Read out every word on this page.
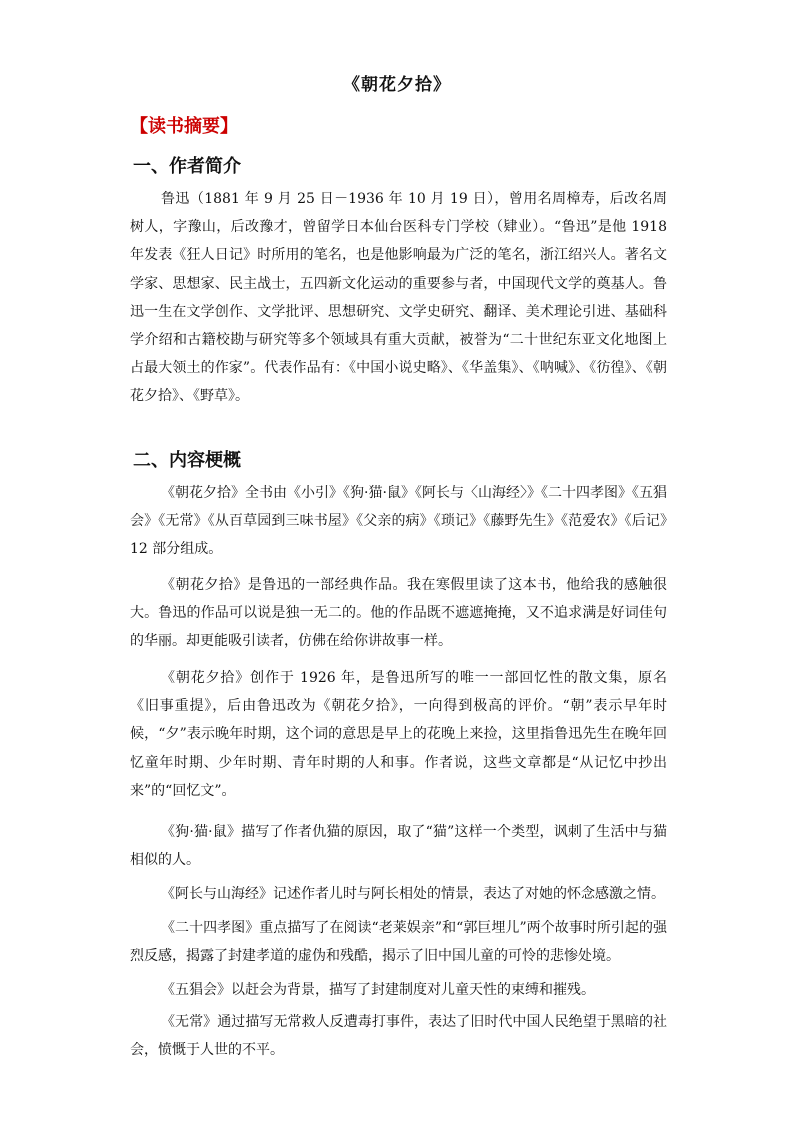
《朝花夕拾》
【读书摘要】
一、作者简介

鲁迅（1881 年 9 月 25 日－1936 年 10 月 19 日），曾用名周樟寿，后改名周树人，字豫山，后改豫才，曾留学日本仙台医科专门学校（肄业）。“鲁迅”是他 1918 年发表《狂人日记》时所用的笔名，也是他影响最为广泛的笔名，浙江绍兴人。著名文学家、思想家、民主战士，五四新文化运动的重要参与者，中国现代文学的奠基人。鲁迅一生在文学创作、文学批评、思想研究、文学史研究、翻译、美术理论引进、基础科学介绍和古籍校勘与研究等多个领域具有重大贡献，被誉为“二十世纪东亚文化地图上占最大领土的作家”。代表作品有：《中国小说史略》、《华盖集》、《呐喊》、《彷徨》、《朝花夕拾》、《野草》。

二、内容梗概

《朝花夕拾》全书由《小引》《狗·猫·鼠》《阿长与〈山海经〉》《二十四孝图》《五猖会》《无常》《从百草园到三味书屋》《父亲的病》《琐记》《藤野先生》《范爱农》《后记》12 部分组成。

《朝花夕拾》是鲁迅的一部经典作品。我在寒假里读了这本书，他给我的感触很大。鲁迅的作品可以说是独一无二的。他的作品既不遮遮掩掩，又不追求满是好词佳句的华丽。却更能吸引读者，仿佛在给你讲故事一样。

《朝花夕拾》创作于 1926 年，是鲁迅所写的唯一一部回忆性的散文集，原名《旧事重提》，后由鲁迅改为《朝花夕拾》，一向得到极高的评价。“朝”表示早年时候，“夕”表示晚年时期，这个词的意思是早上的花晚上来捡，这里指鲁迅先生在晚年回忆童年时期、少年时期、青年时期的人和事。作者说，这些文章都是“从记忆中抄出来”的“回忆文”。

《狗·猫·鼠》描写了作者仇猫的原因，取了“猫”这样一个类型，讽刺了生活中与猫相似的人。

《阿长与山海经》记述作者儿时与阿长相处的情景，表达了对她的怀念感激之情。

《二十四孝图》重点描写了在阅读“老莱娱亲”和“郭巨埋儿”两个故事时所引起的强烈反感，揭露了封建孝道的虚伪和残酷，揭示了旧中国儿童的可怜的悲惨处境。

《五猖会》以赶会为背景，描写了封建制度对儿童天性的束缚和摧残。

《无常》通过描写无常救人反遭毒打事件，表达了旧时代中国人民绝望于黑暗的社会，愤慨于人世的不平。
